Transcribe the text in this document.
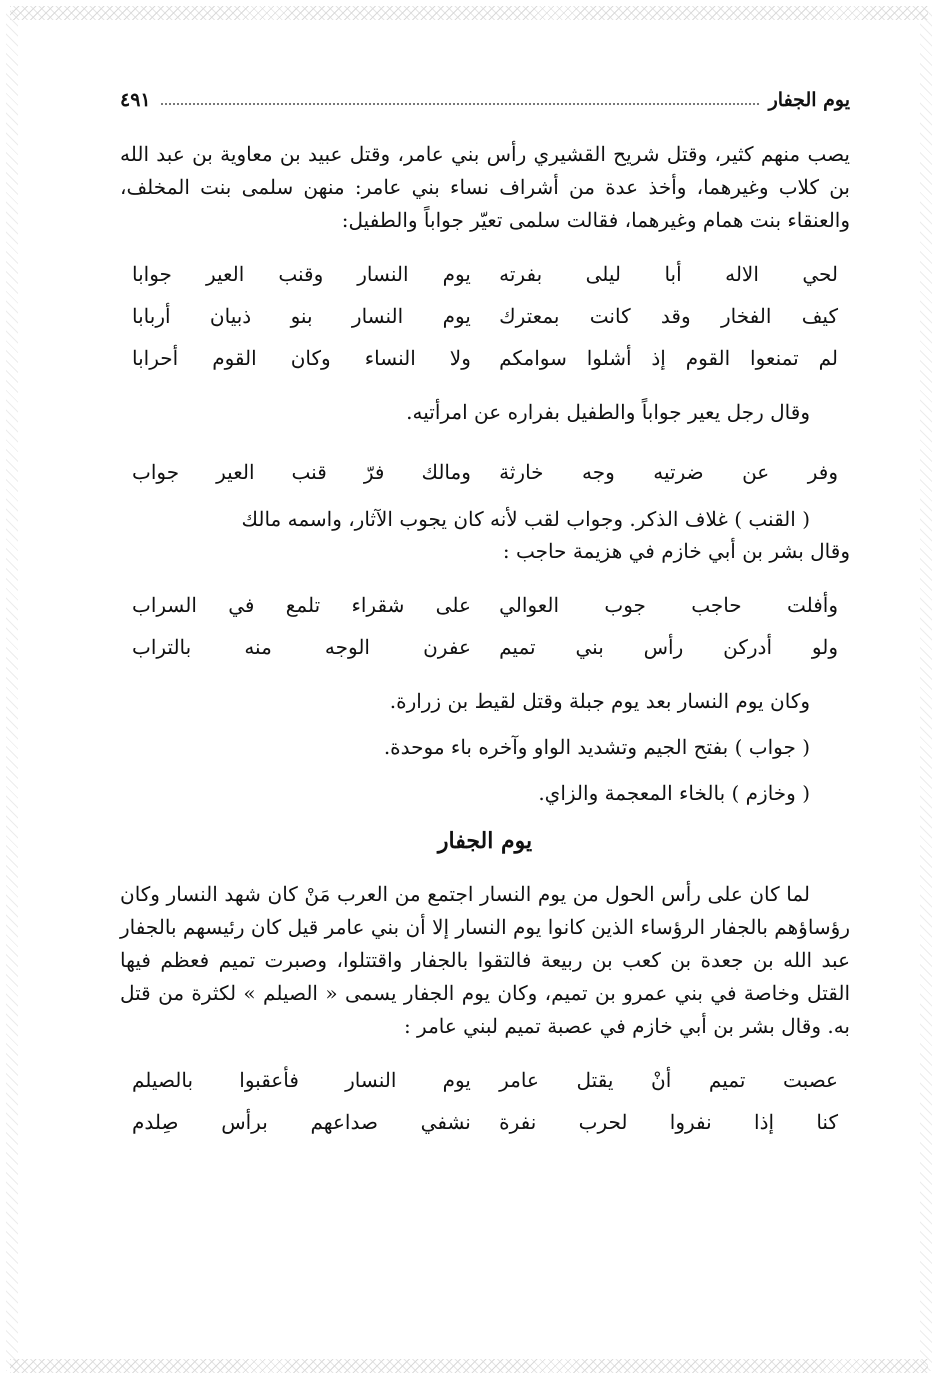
يوم الجفار
٤٩١

يصب منهم كثير، وقتل شريح القشيري رأس بني عامر، وقتل عبيد بن معاوية بن عبد الله بن كلاب وغيرهما، وأخذ عدة من أشراف نساء بني عامر: منهن سلمى بنت المخلف، والعنقاء بنت همام وغيرهما، فقالت سلمى تعيّر جواباً والطفيل:

لحي الاله أبا ليلى بفرته
يوم النسار وقنب العير جوابا
كيف الفخار وقد كانت بمعترك
يوم النسار بنو ذبيان أربابا
لم تمنعوا القوم إذ أشلوا سوامكم
ولا النساء وكان القوم أحرابا

وقال رجل يعير جواباً والطفيل بفراره عن امرأتيه.

وفر عن ضرتيه وجه خارثة
ومالك فرّ قنب العير جواب

( القنب ) غلاف الذكر. وجواب لقب لأنه كان يجوب الآثار، واسمه مالك

وقال بشر بن أبي خازم في هزيمة حاجب :

وأفلت حاجب جوب العوالي
على شقراء تلمع في السراب
ولو أدركن رأس بني تميم
عفرن الوجه منه بالتراب

وكان يوم النسار بعد يوم جبلة وقتل لقيط بن زرارة.

( جواب ) بفتح الجيم وتشديد الواو وآخره باء موحدة.

( وخازم ) بالخاء المعجمة والزاي.

يوم الجفار

لما كان على رأس الحول من يوم النسار اجتمع من العرب مَنْ كان شهد النسار وكان رؤساؤهم بالجفار الرؤساء الذين كانوا يوم النسار إلا أن بني عامر قيل كان رئيسهم بالجفار عبد الله بن جعدة بن كعب بن ربيعة فالتقوا بالجفار واقتتلوا، وصبرت تميم فعظم فيها القتل وخاصة في بني عمرو بن تميم، وكان يوم الجفار يسمى « الصيلم » لكثرة من قتل به. وقال بشر بن أبي خازم في عصبة تميم لبني عامر :

عصبت تميم أنْ يقتل عامر
يوم النسار فأعقبوا بالصيلم
كنا إذا نفروا لحرب نفرة
نشفي صداعهم برأس صِلدم
